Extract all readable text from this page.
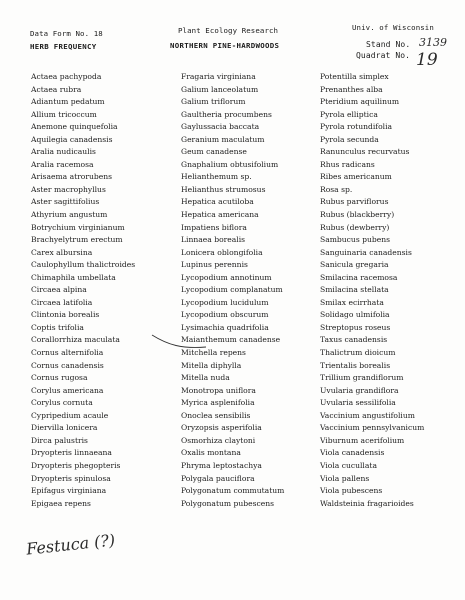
Data Form No. 18	Plant Ecology Research	Univ. of Wisconsin
HERB FREQUENCY	NORTHERN PINE-HARDWOODS	Stand No. 3139
Quadrat No. 19
Actaea pachypoda
Actaea rubra
Adiantum pedatum
Allium tricoccum
Anemone quinquefolia
Aquilegia canadensis
Aralia nudicaulis
Aralia racemosa
Arisaema atrorubens
Aster macrophyllus
Aster sagittifolius
Athyrium angustum
Botrychium virginianum
Brachyelytrum erectum
Carex albursina
Caulophyllum thalictroides
Chimaphila umbellata
Circaea alpina
Circaea latifolia
Clintonia borealis
Coptis trifolia
Corallorrhiza maculata
Cornus alternifolia
Cornus canadensis
Cornus rugosa
Corylus americana
Corylus cornuta
Cypripedium acaule
Diervilla lonicera
Dirca palustris
Dryopteris linnaeana
Dryopteris phegopteris
Dryopteris spinulosa
Epifagus virginiana
Epigaea repens
Fragaria virginiana
Galium lanceolatum
Galium triflorum
Gaultheria procumbens
Gaylussacia baccata
Geranium maculatum
Geum canadense
Gnaphalium obtusifolium
Helianthemum sp.
Helianthus strumosus
Hepatica acutiloba
Hepatica americana
Impatiens biflora
Linnaea borealis
Lonicera oblongifolia
Lupinus perennis
Lycopodium annotinum
Lycopodium complanatum
Lycopodium lucidulum
Lycopodium obscurum
Lysimachia quadrifolia
Maianthemum canadense
Mitchella repens
Mitella diphylla
Mitella nuda
Monotropa uniflora
Myrica asplenifolia
Onoclea sensibilis
Oryzopsis asperifolia
Osmorhiza claytoni
Oxalis montana
Phryma leptostachya
Polygala pauciflora
Polygonatum commutatum
Polygonatum pubescens
Potentilla simplex
Prenanthes alba
Pteridium aquilinum
Pyrola elliptica
Pyrola rotundifolia
Pyrola secunda
Ranunculus recurvatus
Rhus radicans
Ribes americanum
Rosa sp.
Rubus parviflorus
Rubus (blackberry)
Rubus (dewberry)
Sambucus pubens
Sanguinaria canadensis
Sanicula gregaria
Smilacina racemosa
Smilacina stellata
Smilax ecirrhata
Solidago ulmifolia
Streptopus roseus
Taxus canadensis
Thalictrum dioicum
Trientalis borealis
Trillium grandiflorum
Uvularia grandiflora
Uvularia sessilifolia
Vaccinium angustifolium
Vaccinium pennsylvanicum
Viburnum acerifolium
Viola canadensis
Viola cucullata
Viola pallens
Viola pubescens
Waldsteinia fragarioides
Festuca (?)
